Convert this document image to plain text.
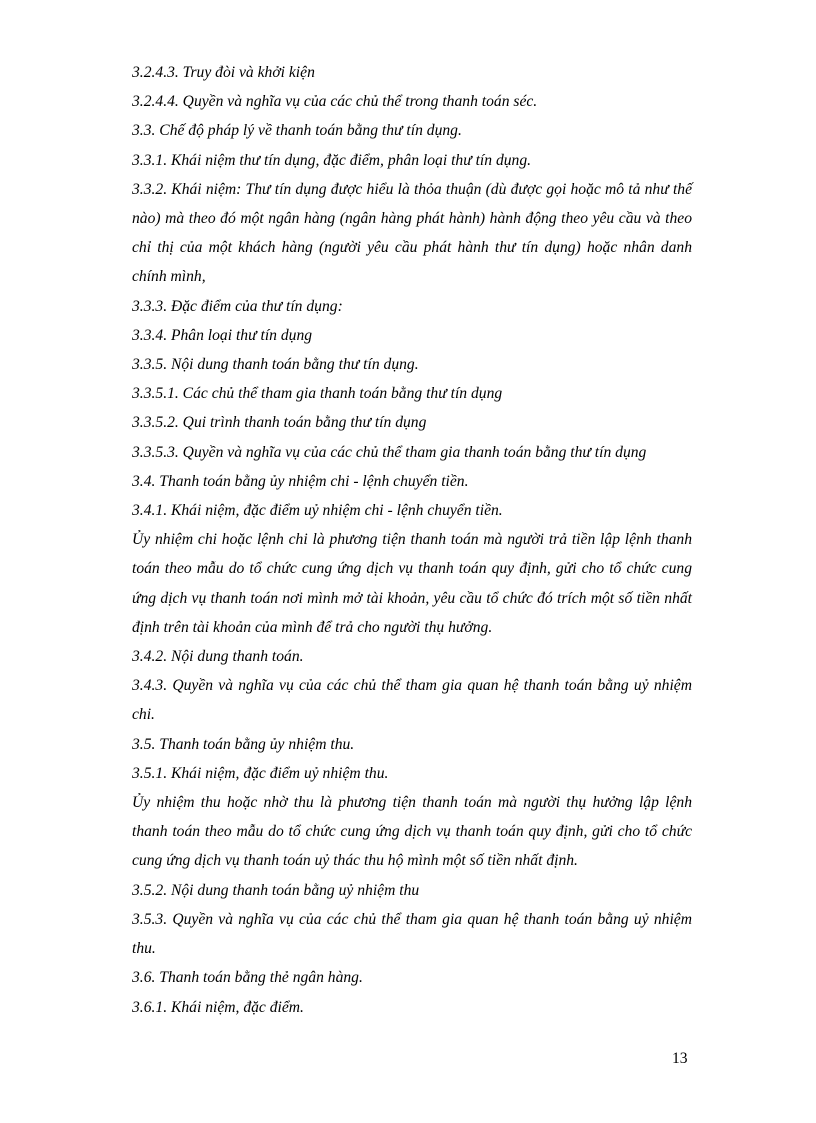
3.2.4.3. Truy đòi và khởi kiện
3.2.4.4. Quyền và nghĩa vụ của các chủ thể trong thanh toán séc.
3.3. Chế độ pháp lý về thanh toán bằng thư tín dụng.
3.3.1. Khái niệm thư tín dụng, đặc điểm, phân loại thư tín dụng.
3.3.2. Khái niệm: Thư tín dụng được hiểu là thỏa thuận (dù được gọi hoặc mô tả như thế nào) mà theo đó một ngân hàng (ngân hàng phát hành) hành động theo yêu cầu và theo chỉ thị của một khách hàng (người yêu cầu phát hành thư tín dụng) hoặc nhân danh chính mình,
3.3.3. Đặc điểm của thư tín dụng:
3.3.4. Phân loại thư tín dụng
3.3.5. Nội dung thanh toán bằng thư tín dụng.
3.3.5.1. Các chủ thể tham gia thanh toán bằng thư tín dụng
3.3.5.2. Qui trình thanh toán bằng thư tín dụng
3.3.5.3. Quyền và nghĩa vụ của các chủ thể tham gia thanh toán bằng thư tín dụng
3.4. Thanh toán bằng ủy nhiệm chi - lệnh chuyển tiền.
3.4.1. Khái niệm, đặc điểm uỷ nhiệm chi - lệnh chuyển tiền.
Ủy nhiệm chi hoặc lệnh chi là phương tiện thanh toán mà người trả tiền lập lệnh thanh toán theo mẫu do tổ chức cung ứng dịch vụ thanh toán quy định, gửi cho tổ chức cung ứng dịch vụ thanh toán nơi mình mở tài khoản, yêu cầu tổ chức đó trích một số tiền nhất định trên tài khoản của mình để trả cho người thụ hưởng.
3.4.2. Nội dung thanh toán.
3.4.3. Quyền và nghĩa vụ của các chủ thể tham gia quan hệ thanh toán bằng uỷ nhiệm chi.
3.5. Thanh toán bằng ủy nhiệm thu.
3.5.1. Khái niệm, đặc điểm uỷ nhiệm thu.
Ủy nhiệm thu hoặc nhờ thu là phương tiện thanh toán mà người thụ hưởng lập lệnh thanh toán theo mẫu do tổ chức cung ứng dịch vụ thanh toán quy định, gửi cho tổ chức cung ứng dịch vụ thanh toán uỷ thác thu hộ mình một số tiền nhất định.
3.5.2. Nội dung thanh toán bằng uỷ nhiệm thu
3.5.3. Quyền và nghĩa vụ của các chủ thể tham gia quan hệ thanh toán bằng uỷ nhiệm thu.
3.6. Thanh toán bằng thẻ ngân hàng.
3.6.1. Khái niệm, đặc điểm.
13
